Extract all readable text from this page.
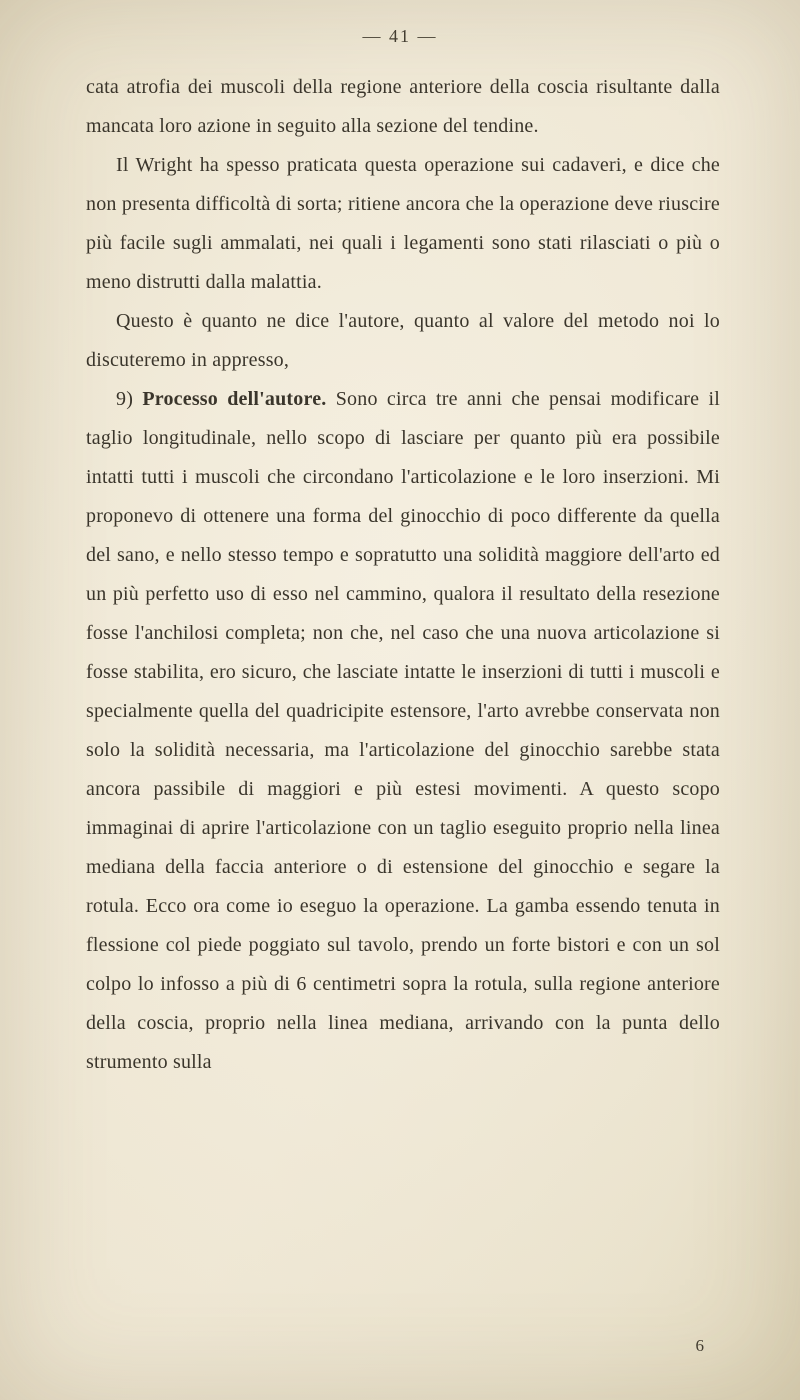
— 41 —

cata atrofia dei muscoli della regione anteriore della coscia risultante dalla mancata loro azione in seguito alla sezione del tendine.

Il Wright ha spesso praticata questa operazione sui cadaveri, e dice che non presenta difficoltà di sorta; ritiene ancora che la operazione deve riuscire più facile sugli ammalati, nei quali i legamenti sono stati rilasciati o più o meno distrutti dalla malattia.

Questo è quanto ne dice l'autore, quanto al valore del metodo noi lo discuteremo in appresso,

9) Processo dell'autore. Sono circa tre anni che pensai modificare il taglio longitudinale, nello scopo di lasciare per quanto più era possibile intatti tutti i muscoli che circondano l'articolazione e le loro inserzioni. Mi proponevo di ottenere una forma del ginocchio di poco differente da quella del sano, e nello stesso tempo e sopratutto una solidità maggiore dell'arto ed un più perfetto uso di esso nel cammino, qualora il resultato della resezione fosse l'anchilosi completa; non che, nel caso che una nuova articolazione si fosse stabilita, ero sicuro, che lasciate intatte le inserzioni di tutti i muscoli e specialmente quella del quadricipite estensore, l'arto avrebbe conservata non solo la solidità necessaria, ma l'articolazione del ginocchio sarebbe stata ancora passibile di maggiori e più estesi movimenti. A questo scopo immaginai di aprire l'articolazione con un taglio eseguito proprio nella linea mediana della faccia anteriore o di estensione del ginocchio e segare la rotula. Ecco ora come io eseguo la operazione. La gamba essendo tenuta in flessione col piede poggiato sul tavolo, prendo un forte bistori e con un sol colpo lo infosso a più di 6 centimetri sopra la rotula, sulla regione anteriore della coscia, proprio nella linea mediana, arrivando con la punta dello strumento sulla

6
